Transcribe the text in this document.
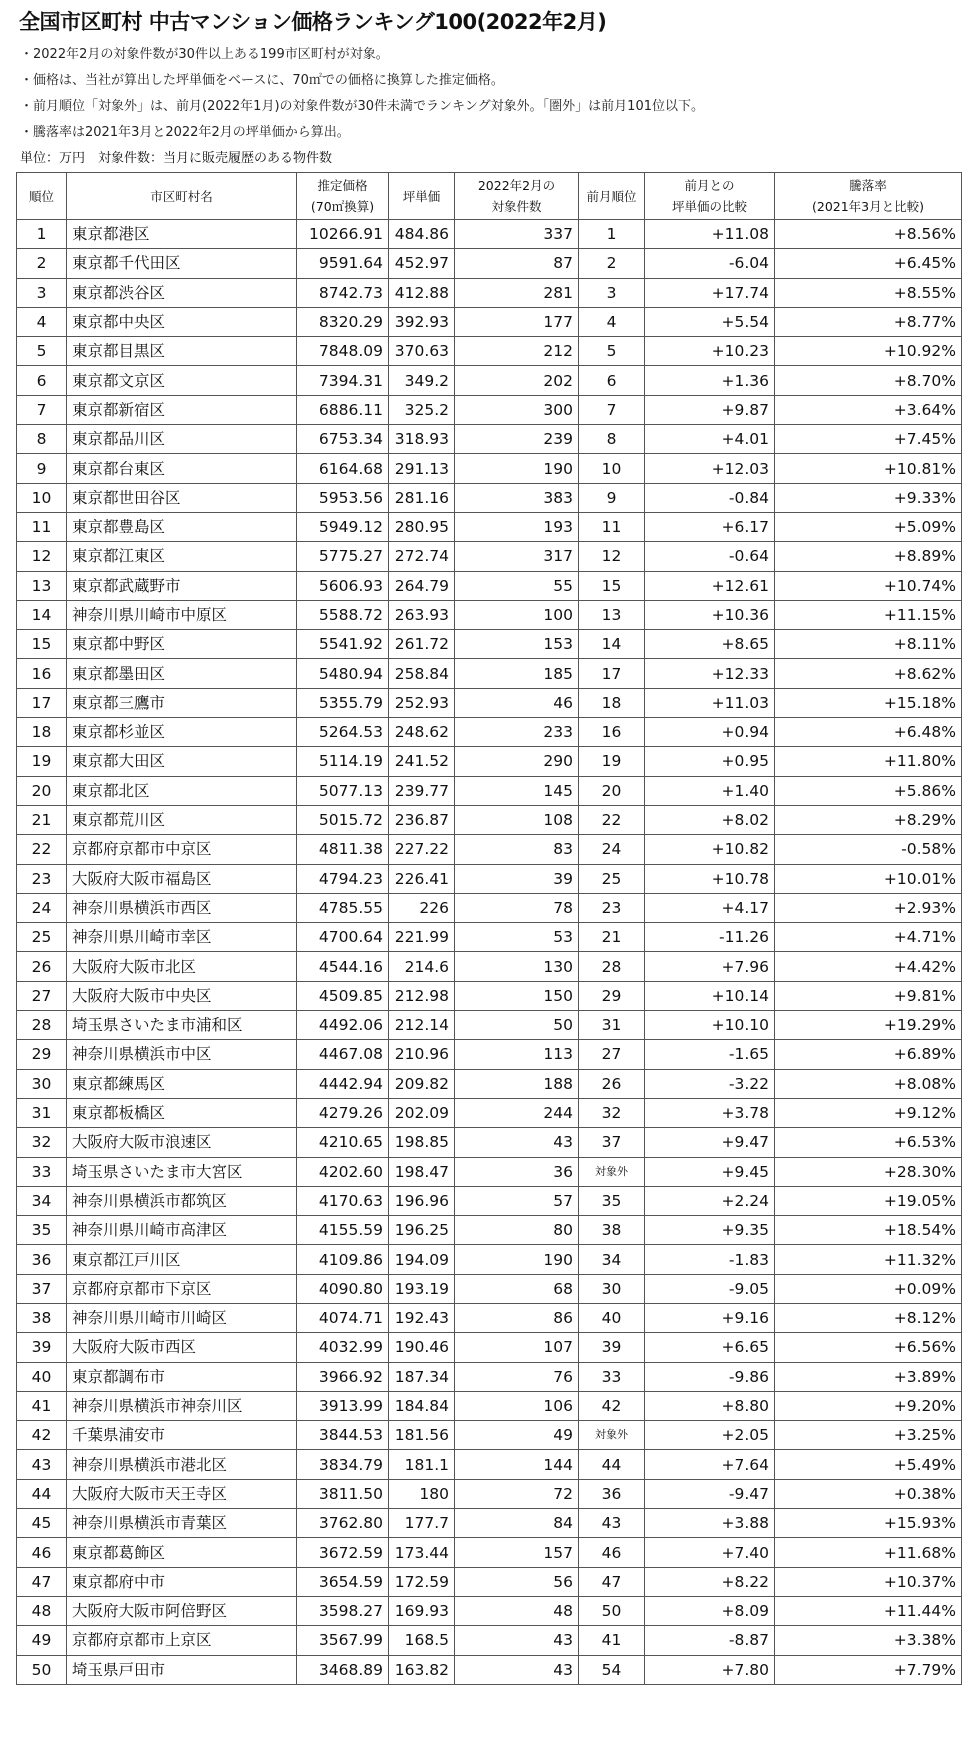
全国市区町村 中古マンション価格ランキング100(2022年2月)
・ 2022年2月の対象件数が30件以上ある199市区町村が対象。
・ 価格は、当社が算出した坪単価をベースに、70㎡での価格に換算した推定価格。
・ 前月順位「対象外」は、前月(2022年1月)の対象件数が30件未満でランキング対象外。「圏外」は前月101位以下。
・ 騰落率は2021年3月と2022年2月の坪単価から算出。
単位：万円　対象件数：当月に販売履歴のある物件数
順位	市区町村名	推定価格
(70㎡換算)	坪単価	2022年2月の
対象件数	前月順位	前月との
坪単価の比較	騰落率
(2021年3月と比較)
1	東京都港区	10266.91	484.86	337	1	+11.08	+8.56%
2	東京都千代田区	9591.64	452.97	87	2	-6.04	+6.45%
3	東京都渋谷区	8742.73	412.88	281	3	+17.74	+8.55%
4	東京都中央区	8320.29	392.93	177	4	+5.54	+8.77%
5	東京都目黒区	7848.09	370.63	212	5	+10.23	+10.92%
6	東京都文京区	7394.31	349.2	202	6	+1.36	+8.70%
7	東京都新宿区	6886.11	325.2	300	7	+9.87	+3.64%
8	東京都品川区	6753.34	318.93	239	8	+4.01	+7.45%
9	東京都台東区	6164.68	291.13	190	10	+12.03	+10.81%
10	東京都世田谷区	5953.56	281.16	383	9	-0.84	+9.33%
11	東京都豊島区	5949.12	280.95	193	11	+6.17	+5.09%
12	東京都江東区	5775.27	272.74	317	12	-0.64	+8.89%
13	東京都武蔵野市	5606.93	264.79	55	15	+12.61	+10.74%
14	神奈川県川崎市中原区	5588.72	263.93	100	13	+10.36	+11.15%
15	東京都中野区	5541.92	261.72	153	14	+8.65	+8.11%
16	東京都墨田区	5480.94	258.84	185	17	+12.33	+8.62%
17	東京都三鷹市	5355.79	252.93	46	18	+11.03	+15.18%
18	東京都杉並区	5264.53	248.62	233	16	+0.94	+6.48%
19	東京都大田区	5114.19	241.52	290	19	+0.95	+11.80%
20	東京都北区	5077.13	239.77	145	20	+1.40	+5.86%
21	東京都荒川区	5015.72	236.87	108	22	+8.02	+8.29%
22	京都府京都市中京区	4811.38	227.22	83	24	+10.82	-0.58%
23	大阪府大阪市福島区	4794.23	226.41	39	25	+10.78	+10.01%
24	神奈川県横浜市西区	4785.55	226	78	23	+4.17	+2.93%
25	神奈川県川崎市幸区	4700.64	221.99	53	21	-11.26	+4.71%
26	大阪府大阪市北区	4544.16	214.6	130	28	+7.96	+4.42%
27	大阪府大阪市中央区	4509.85	212.98	150	29	+10.14	+9.81%
28	埼玉県さいたま市浦和区	4492.06	212.14	50	31	+10.10	+19.29%
29	神奈川県横浜市中区	4467.08	210.96	113	27	-1.65	+6.89%
30	東京都練馬区	4442.94	209.82	188	26	-3.22	+8.08%
31	東京都板橋区	4279.26	202.09	244	32	+3.78	+9.12%
32	大阪府大阪市浪速区	4210.65	198.85	43	37	+9.47	+6.53%
33	埼玉県さいたま市大宮区	4202.60	198.47	36	対象外	+9.45	+28.30%
34	神奈川県横浜市都筑区	4170.63	196.96	57	35	+2.24	+19.05%
35	神奈川県川崎市高津区	4155.59	196.25	80	38	+9.35	+18.54%
36	東京都江戸川区	4109.86	194.09	190	34	-1.83	+11.32%
37	京都府京都市下京区	4090.80	193.19	68	30	-9.05	+0.09%
38	神奈川県川崎市川崎区	4074.71	192.43	86	40	+9.16	+8.12%
39	大阪府大阪市西区	4032.99	190.46	107	39	+6.65	+6.56%
40	東京都調布市	3966.92	187.34	76	33	-9.86	+3.89%
41	神奈川県横浜市神奈川区	3913.99	184.84	106	42	+8.80	+9.20%
42	千葉県浦安市	3844.53	181.56	49	対象外	+2.05	+3.25%
43	神奈川県横浜市港北区	3834.79	181.1	144	44	+7.64	+5.49%
44	大阪府大阪市天王寺区	3811.50	180	72	36	-9.47	+0.38%
45	神奈川県横浜市青葉区	3762.80	177.7	84	43	+3.88	+15.93%
46	東京都葛飾区	3672.59	173.44	157	46	+7.40	+11.68%
47	東京都府中市	3654.59	172.59	56	47	+8.22	+10.37%
48	大阪府大阪市阿倍野区	3598.27	169.93	48	50	+8.09	+11.44%
49	京都府京都市上京区	3567.99	168.5	43	41	-8.87	+3.38%
50	埼玉県戸田市	3468.89	163.82	43	54	+7.80	+7.79%
